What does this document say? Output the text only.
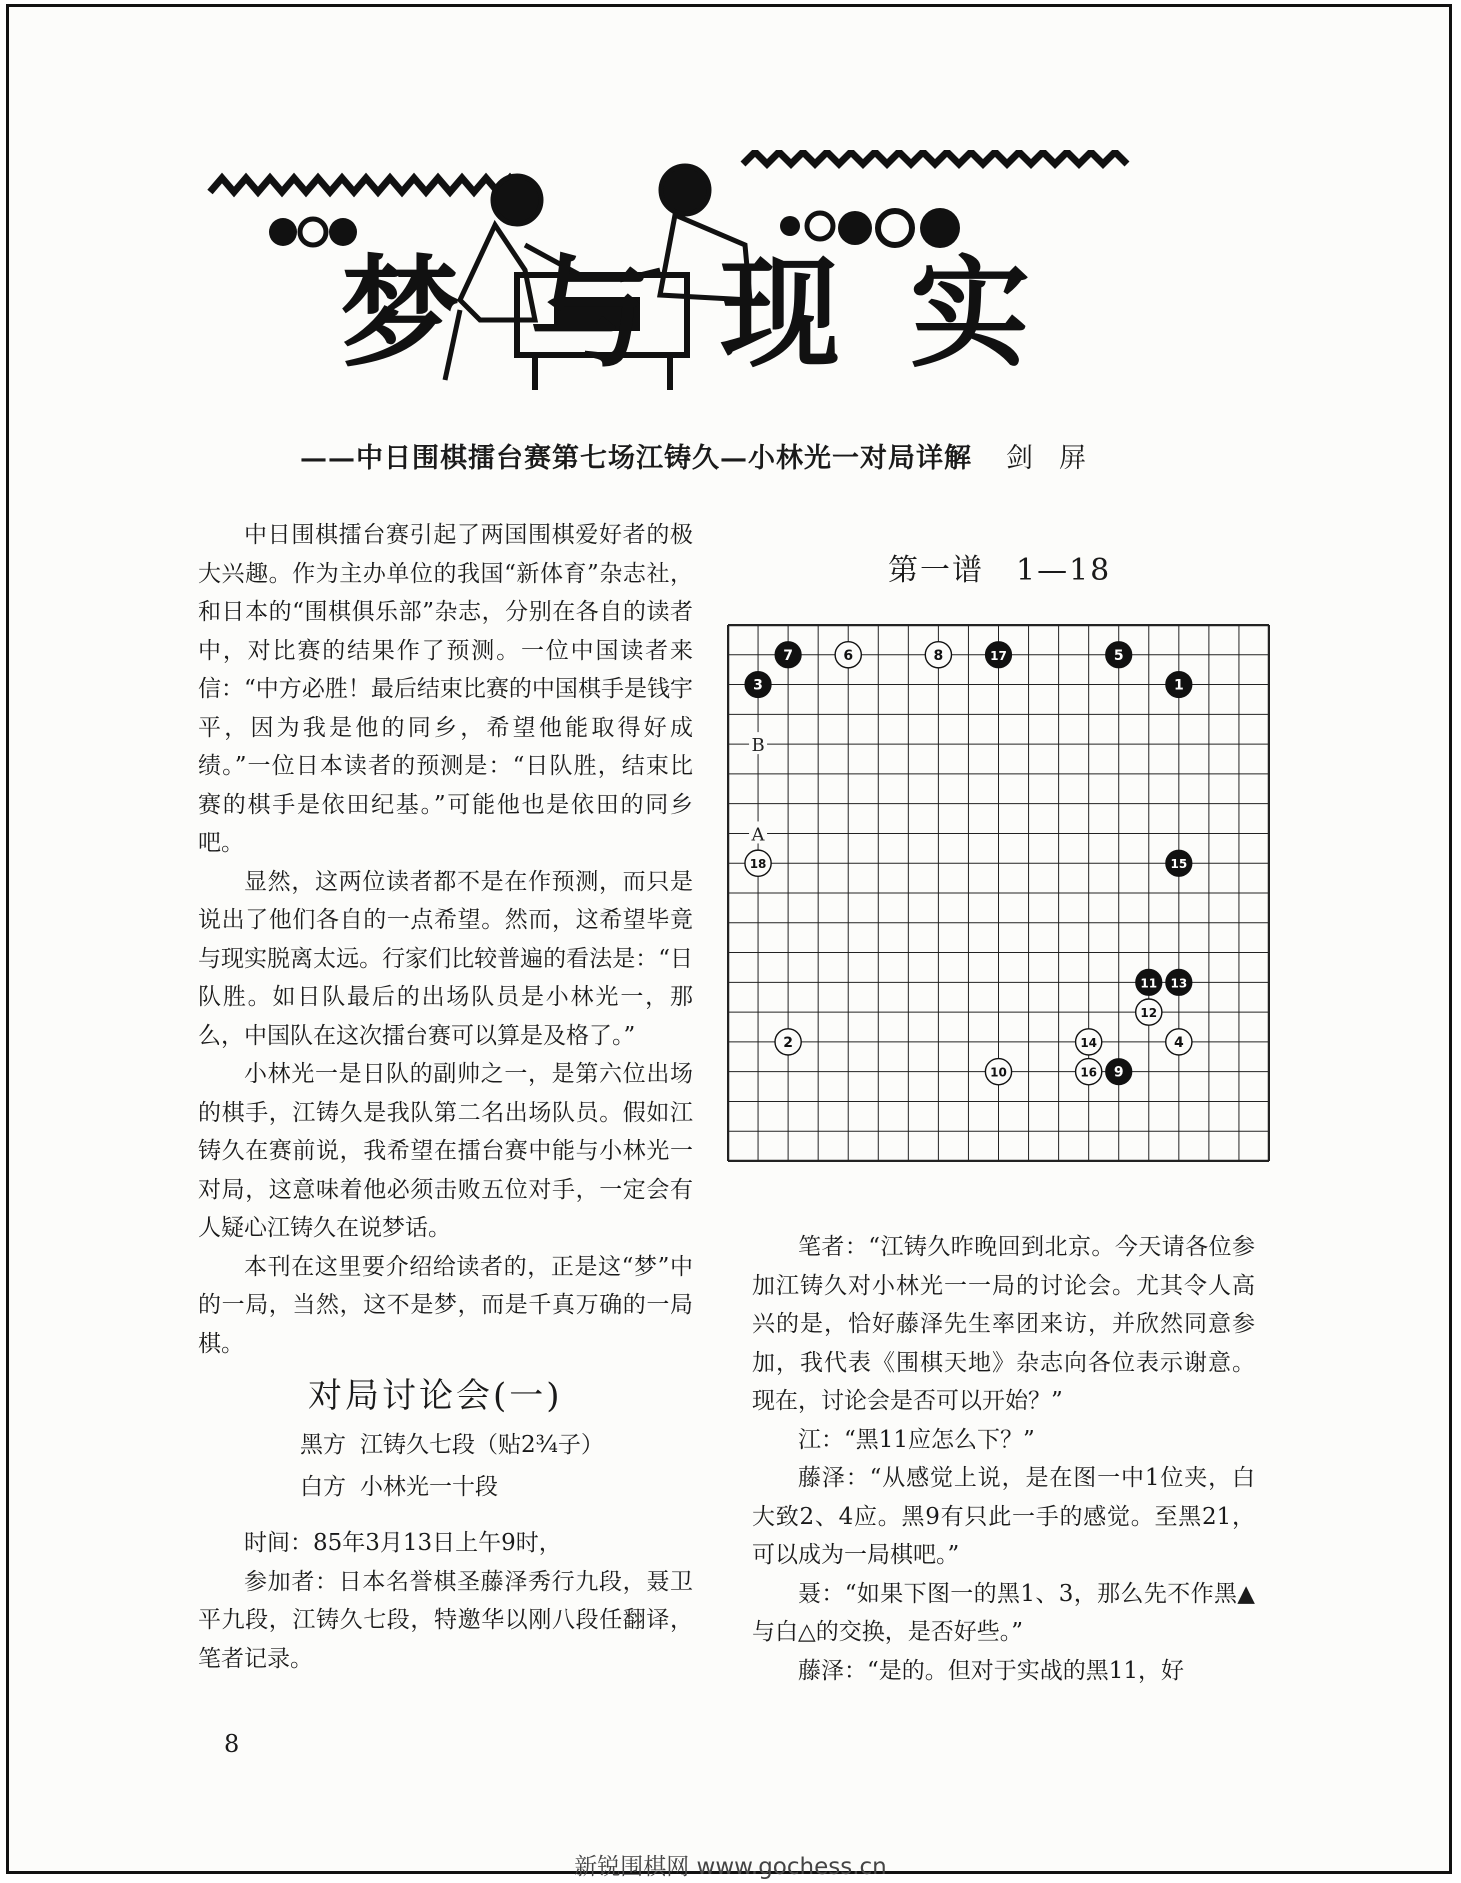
梦与现实
——中日围棋擂台赛第七场江铸久—小林光一对局详解 剑屏

中日围棋擂台赛引起了两国围棋爱好者的极大兴趣。作为主办单位的我国“新体育”杂志社，和日本的“围棋俱乐部”杂志，分别在各自的读者中，对比赛的结果作了预测。一位中国读者来信：“中方必胜！最后结束比赛的中国棋手是钱宇平，因为我是他的同乡，希望他能取得好成绩。”一位日本读者的预测是：“日队胜，结束比赛的棋手是依田纪基。”可能他也是依田的同乡吧。

显然，这两位读者都不是在作预测，而只是说出了他们各自的一点希望。然而，这希望毕竟与现实脱离太远。行家们比较普遍的看法是：“日队胜。如日队最后的出场队员是小林光一，那么，中国队在这次擂台赛可以算是及格了。”

小林光一是日队的副帅之一，是第六位出场的棋手，江铸久是我队第二名出场队员。假如江铸久在赛前说，我希望在擂台赛中能与小林光一对局，这意味着他必须击败五位对手，一定会有人疑心江铸久在说梦话。

本刊在这里要介绍给读者的，正是这“梦”中的一局，当然，这不是梦，而是千真万确的一局棋。

对局讨论会(一)
黑方 江铸久七段（贴2¾子）
白方 小林光一十段

时间：85年3月13日上午9时，

参加者：日本名誉棋圣藤泽秀行九段，聂卫平九段，江铸久七段，特邀华以刚八段任翻译，笔者记录。

第一谱　1—18
A
B
1
2
3
4
5
6
7	8
9
10
11
12
13
14
15
16
17
18

笔者：“江铸久昨晚回到北京。今天请各位参加江铸久对小林光一一局的讨论会。尤其令人高兴的是，恰好藤泽先生率团来访，并欣然同意参加，我代表《围棋天地》杂志向各位表示谢意。现在，讨论会是否可以开始？”

江：“黑11应怎么下？”

藤泽：“从感觉上说，是在图一中1位夹，白大致2、4应。黑9有只此一手的感觉。至黑21，可以成为一局棋吧。”

聂：“如果下图一的黑1、3，那么先不作黑▲与白△的交换，是否好些。”

藤泽：“是的。但对于实战的黑11，好

8
新锐围棋网 www.gochess.cn
